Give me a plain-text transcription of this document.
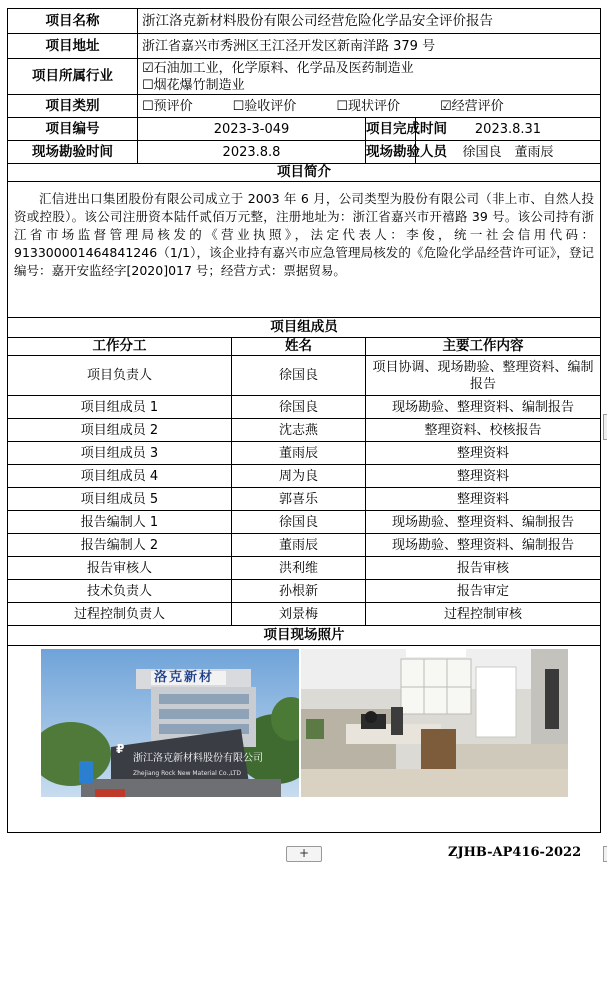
项目名称	浙江洛克新材料股份有限公司经营危险化学品安全评价报告			
项目地址	浙江省嘉兴市秀洲区王江泾开发区新南洋路 379 号			
项目所属行业	☑石油加工业，化学原料、化学品及医药制造业
☐烟花爆竹制造业			

项目类别	☐预评价 ☐验收评价 ☐现状评价 ☑经营评价			
项目编号	2023-3-049		项目完成时间	2023.8.31
现场勘验时间	2023.8.8		现场勘验人员	徐国良　董雨辰
项目简介				

汇信进出口集团股份有限公司成立于 2003 年 6 月，公司类型为股份有限公司（非上市、自然人投资或控股）。该公司注册资本陆仟贰佰万元整，注册地址为：浙江省嘉兴市开禧路 39 号。该公司持有浙江省市场监督管理局核发的《营业执照》，法定代表人：李俊，统一社会信用代码：913300001464841246（1/1），该企业持有嘉兴市应急管理局核发的《危险化学品经营许可证》，登记编号：嘉开安监经字[2020]017 号；经营方式：票据贸易。				

项目组成员				
工作分工		姓名	主要工作内容	
项目负责人		徐国良	项目协调、现场勘验、整理资料、编制报告	
项目组成员 1		徐国良	现场勘验、整理资料、编制报告	
项目组成员 2		沈志燕	整理资料、校核报告	
项目组成员 3		董雨辰	整理资料	
项目组成员 4		周为良	整理资料	
项目组成员 5		郭喜乐	整理资料	
报告编制人 1		徐国良	现场勘验、整理资料、编制报告	
报告编制人 2		董雨辰	现场勘验、整理资料、编制报告	
报告审核人		洪利维	报告审核	
技术负责人		孙根新	报告审定	
过程控制负责人		刘景梅	过程控制审核	
项目现场照片				

₽
洛克新材
浙江洛克新材料股份有限公司
Zhejiang Rock New Material Co.,LTD				
+	ZJHB-AP416-2022
